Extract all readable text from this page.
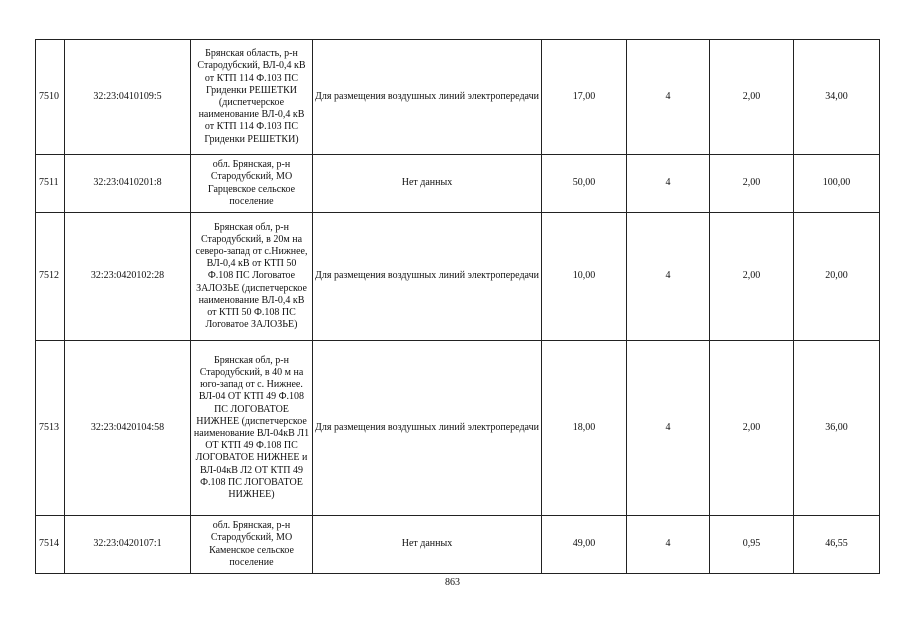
7510	32:23:0410109:5	Брянская область, р-н Стародубский, ВЛ-0,4 кВ от КТП 114 Ф.103 ПС Гриденки РЕШЕТКИ (диспетчерское наименование ВЛ-0,4 кВ от КТП 114 Ф.103 ПС Гриденки РЕШЕТКИ)	Для размещения воздушных линий электропередачи	17,00	4	2,00	34,00
7511	32:23:0410201:8	обл. Брянская, р-н Стародубский, МО Гарцевское сельское поселение	Нет данных	50,00	4	2,00	100,00
7512	32:23:0420102:28	Брянская обл, р-н Стародубский, в 20м на северо-запад от с.Нижнее, ВЛ-0,4 кВ от КТП 50 Ф.108 ПС Логоватое ЗАЛОЗЬЕ (диспетчерское наименование ВЛ-0,4 кВ от КТП 50 Ф.108 ПС Логоватое ЗАЛОЗЬЕ)	Для размещения воздушных линий электропередачи	10,00	4	2,00	20,00
7513	32:23:0420104:58	Брянская обл, р-н Стародубский, в 40 м на юго-запад от с. Нижнее. ВЛ-04 ОТ КТП 49 Ф.108 ПС ЛОГОВАТОЕ НИЖНЕЕ (диспетчерское наименование ВЛ-04кВ Л1 ОТ КТП 49 Ф.108 ПС ЛОГОВАТОЕ НИЖНЕЕ и ВЛ-04кВ Л2 ОТ КТП 49 Ф.108 ПС ЛОГОВАТОЕ НИЖНЕЕ)	Для размещения воздушных линий электропередачи	18,00	4	2,00	36,00
7514	32:23:0420107:1	обл. Брянская, р-н Стародубский, МО Каменское сельское поселение	Нет данных	49,00	4	0,95	46,55
863
